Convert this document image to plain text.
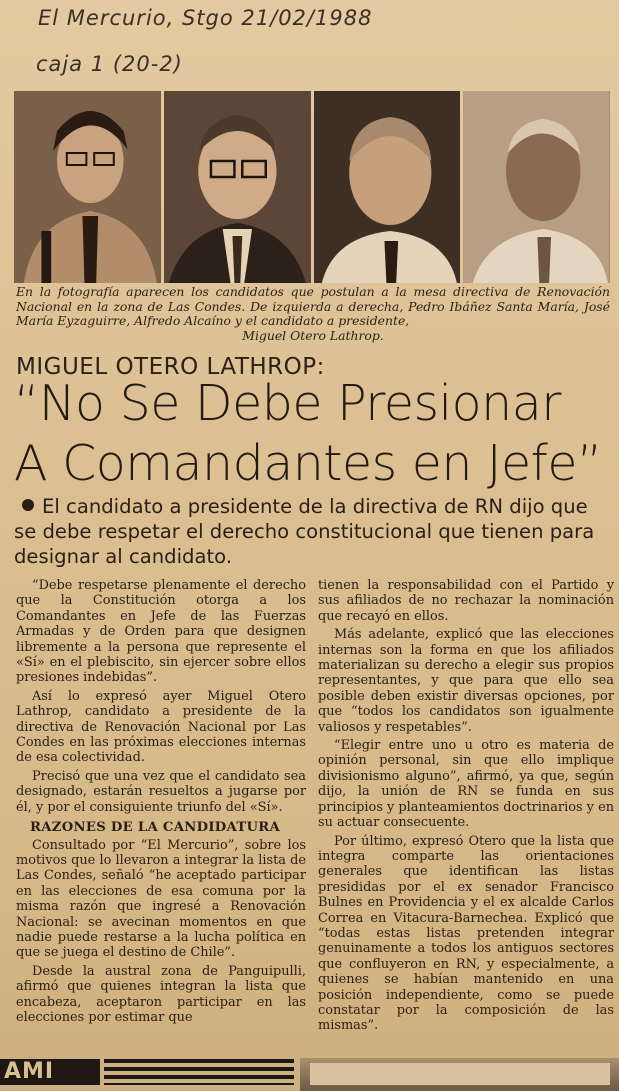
El Mercurio, Stgo 21/02/1988
caja 1 (20-2)
En la fotografía aparecen los candidatos que postulan a la mesa directiva de Renovación Nacional en la zona de Las Condes. De izquierda a derecha, Pedro Ibáñez Santa María, José María Eyzaguirre, Alfredo Alcaíno y el candidato a presidente,
Miguel Otero Lathrop.
MIGUEL OTERO LATHROP:
“No Se Debe Presionar
A Comandantes en Jefe”
El candidato a presidente de la directiva de RN dijo que se debe respetar el derecho constitucional que tienen para designar al candidato.

“Debe respetarse plenamente el derecho que la Constitución otorga a los Comandantes en Jefe de las Fuerzas Armadas y de Orden para que designen libremente a la persona que represente el «Sí» en el plebiscito, sin ejercer sobre ellos presiones indebidas”.

Así lo expresó ayer Miguel Otero Lathrop, candidato a presidente de la directiva de Renovación Nacional por Las Condes en las próximas elecciones internas de esa colectividad.

Precisó que una vez que el candidato sea designado, estarán resueltos a jugarse por él, y por el consiguiente triunfo del «Sí».

RAZONES DE LA CANDIDATURA

Consultado por “El Mercurio”, sobre los motivos que lo llevaron a integrar la lista de Las Condes, señaló “he aceptado participar en las elecciones de esa comuna por la misma razón que ingresé a Renovación Nacional: se avecinan momentos en que nadie puede restarse a la lucha política en que se juega el destino de Chile”.

Desde la austral zona de Panguipulli, afirmó que quienes integran la lista que encabeza, aceptaron participar en las elecciones por estimar que

tienen la responsabilidad con el Partido y sus afiliados de no rechazar la nominación que recayó en ellos.

Más adelante, explicó que las elecciones internas son la forma en que los afiliados materializan su derecho a elegir sus propios representantes, y que para que ello sea posible deben existir diversas opciones, por que “todos los candidatos son igualmente valiosos y respetables”.

“Elegir entre uno u otro es materia de opinión personal, sin que ello implique divisionismo alguno”, afirmó, ya que, según dijo, la unión de RN se funda en sus principios y planteamientos doctrinarios y en su actuar consecuente.

Por último, expresó Otero que la lista que integra comparte las orientaciones generales que identifican las listas presididas por el ex senador Francisco Bulnes en Providencia y el ex alcalde Carlos Correa en Vitacura-Barnechea. Explicó que “todas estas listas pretenden integrar genuinamente a todos los antiguos sectores que confluyeron en RN, y especialmente, a quienes se habían mantenido en una posición independiente, como se puede constatar por la composición de las mismas”.

AMI
